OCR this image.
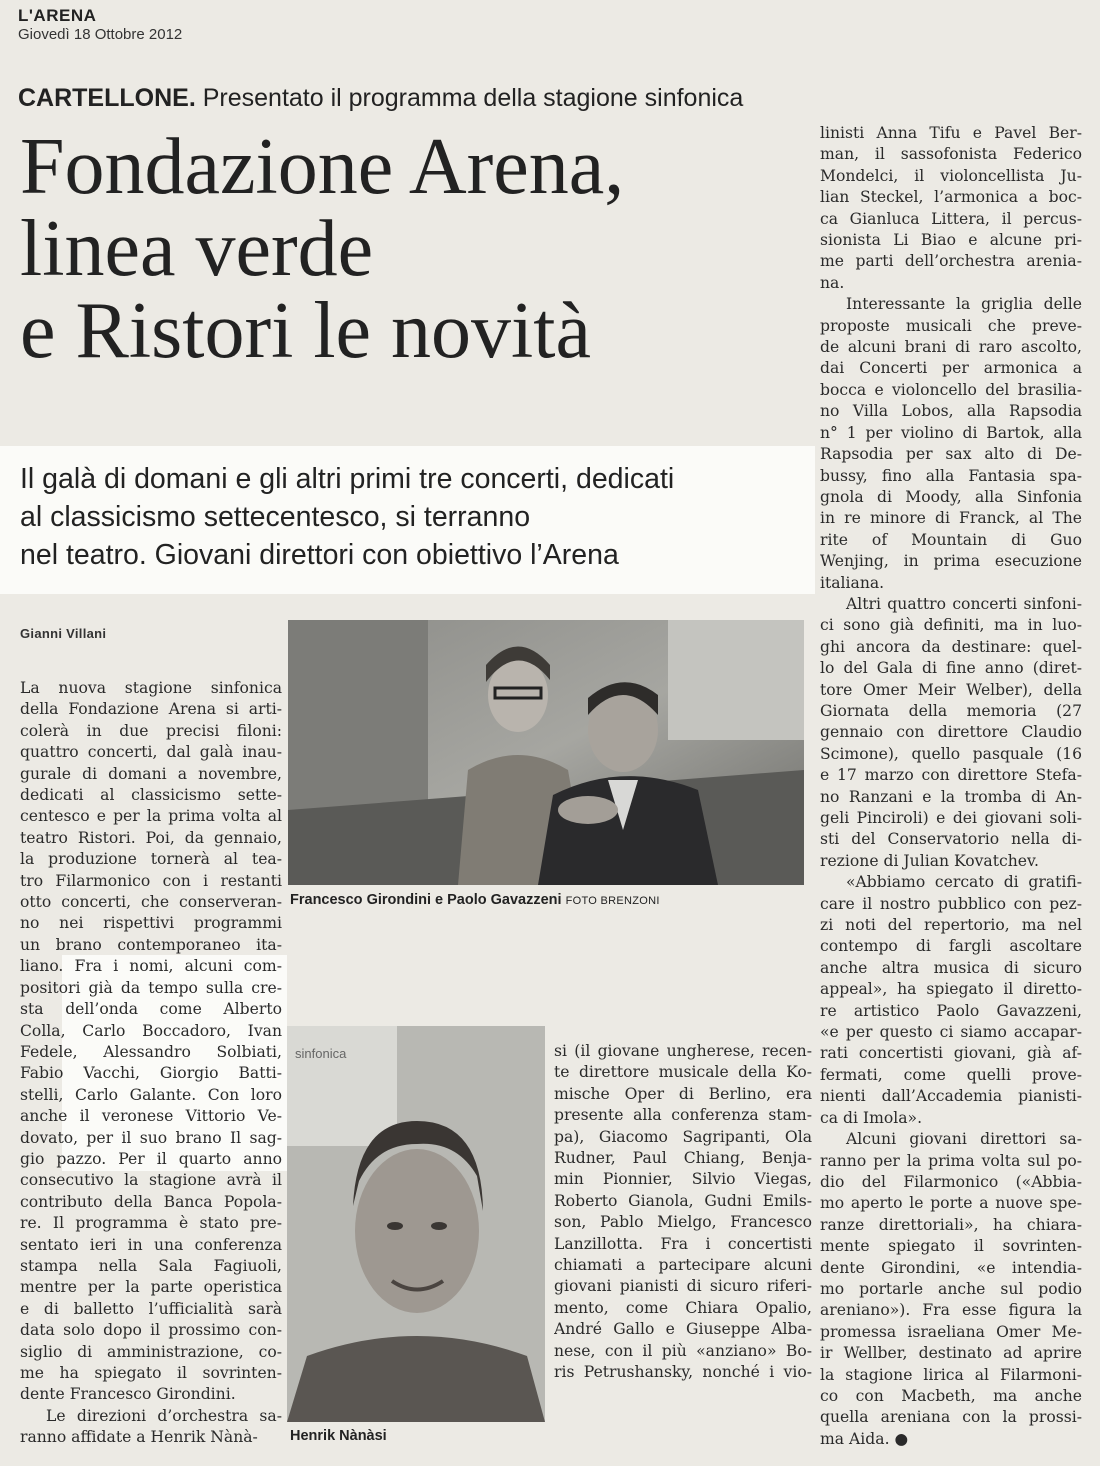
L'ARENA
Giovedì 18 Ottobre 2012
CARTELLONE. Presentato il programma della stagione sinfonica
Fondazione Arena,
linea verde
e Ristori le novità
Il galà di domani e gli altri primi tre concerti, dedicati
al classicismo settecentesco, si terranno
nel teatro. Giovani direttori con obiettivo l’Arena
Gianni Villani
Francesco Girondini e Paolo Gavazzeni FOTO BRENZONI
sinfonica
Henrik Nànàsi
La nuova stagione sinfonica
della Fondazione Arena si arti-
colerà in due precisi filoni:
quattro concerti, dal galà inau-
gurale di domani a novembre,
dedicati al classicismo sette-
centesco e per la prima volta al
teatro Ristori. Poi, da gennaio,
la produzione tornerà al tea-
tro Filarmonico con i restanti
otto concerti, che conserveran-
no nei rispettivi programmi
un brano contemporaneo ita-
liano. Fra i nomi, alcuni com-
positori già da tempo sulla cre-
sta dell’onda come Alberto
Colla, Carlo Boccadoro, Ivan
Fedele, Alessandro Solbiati,
Fabio Vacchi, Giorgio Batti-
stelli, Carlo Galante. Con loro
anche il veronese Vittorio Ve-
dovato, per il suo brano Il sag-
gio pazzo. Per il quarto anno
consecutivo la stagione avrà il
contributo della Banca Popola-
re. Il programma è stato pre-
sentato ieri in una conferenza
stampa nella Sala Fagiuoli,
mentre per la parte operistica
e di balletto l’ufficialità sarà
data solo dopo il prossimo con-
siglio di amministrazione, co-
me ha spiegato il sovrinten-
dente Francesco Girondini.
Le direzioni d’orchestra sa-
ranno affidate a Henrik Nànà-
si (il giovane ungherese, recen-
te direttore musicale della Ko-
mische Oper di Berlino, era
presente alla conferenza stam-
pa), Giacomo Sagripanti, Ola
Rudner, Paul Chiang, Benja-
min Pionnier, Silvio Viegas,
Roberto Gianola, Gudni Emils-
son, Pablo Mielgo, Francesco
Lanzillotta. Fra i concertisti
chiamati a partecipare alcuni
giovani pianisti di sicuro riferi-
mento, come Chiara Opalio,
André Gallo e Giuseppe Alba-
nese, con il più «anziano» Bo-
ris Petrushansky, nonché i vio-
linisti Anna Tifu e Pavel Ber-
man, il sassofonista Federico
Mondelci, il violoncellista Ju-
lian Steckel, l’armonica a boc-
ca Gianluca Littera, il percus-
sionista Li Biao e alcune pri-
me parti dell’orchestra arenia-
na.
Interessante la griglia delle
proposte musicali che preve-
de alcuni brani di raro ascolto,
dai Concerti per armonica a
bocca e violoncello del brasilia-
no Villa Lobos, alla Rapsodia
n° 1 per violino di Bartok, alla
Rapsodia per sax alto di De-
bussy, fino alla Fantasia spa-
gnola di Moody, alla Sinfonia
in re minore di Franck, al The
rite of Mountain di Guo
Wenjing, in prima esecuzione
italiana.
Altri quattro concerti sinfoni-
ci sono già definiti, ma in luo-
ghi ancora da destinare: quel-
lo del Gala di fine anno (diret-
tore Omer Meir Welber), della
Giornata della memoria (27
gennaio con direttore Claudio
Scimone), quello pasquale (16
e 17 marzo con direttore Stefa-
no Ranzani e la tromba di An-
geli Pinciroli) e dei giovani soli-
sti del Conservatorio nella di-
rezione di Julian Kovatchev.
«Abbiamo cercato di gratifi-
care il nostro pubblico con pez-
zi noti del repertorio, ma nel
contempo di fargli ascoltare
anche altra musica di sicuro
appeal», ha spiegato il diretto-
re artistico Paolo Gavazzeni,
«e per questo ci siamo accapar-
rati concertisti giovani, già af-
fermati, come quelli prove-
nienti dall’Accademia pianisti-
ca di Imola».
Alcuni giovani direttori sa-
ranno per la prima volta sul po-
dio del Filarmonico («Abbia-
mo aperto le porte a nuove spe-
ranze direttoriali», ha chiara-
mente spiegato il sovrinten-
dente Girondini, «e intendia-
mo portarle anche sul podio
areniano»). Fra esse figura la
promessa israeliana Omer Me-
ir Wellber, destinato ad aprire
la stagione lirica al Filarmoni-
co con Macbeth, ma anche
quella areniana con la prossi-
ma Aida. ●
